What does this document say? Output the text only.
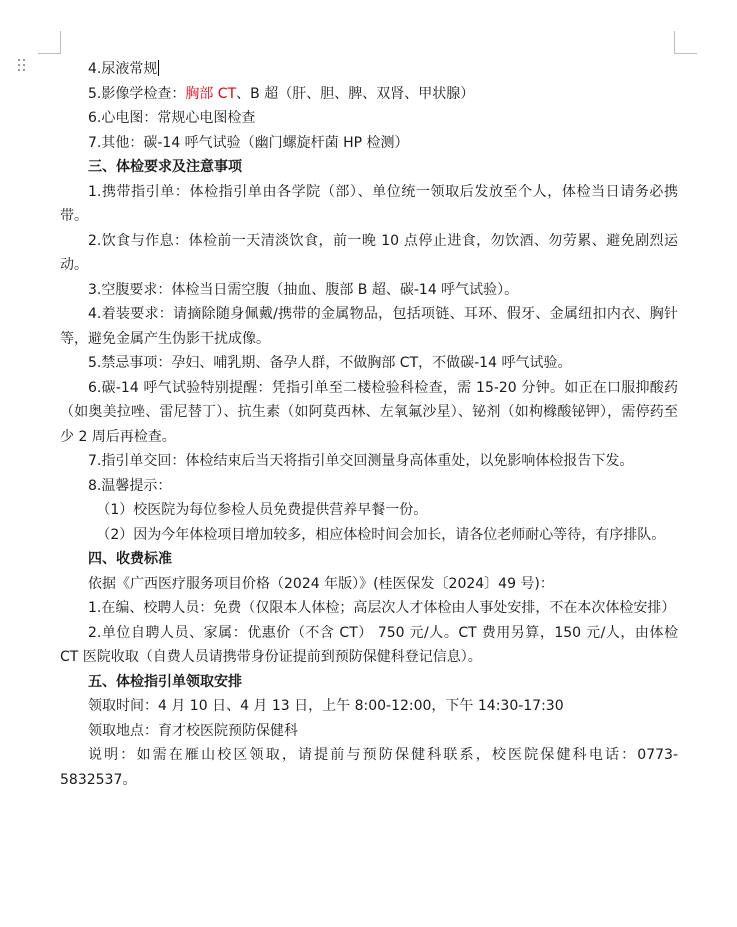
4.尿液常规

5.影像学检查：胸部 CT、B 超（肝、胆、脾、双肾、甲状腺）

6.心电图：常规心电图检查

7.其他：碳-14 呼气试验（幽门螺旋杆菌 HP 检测）

三、体检要求及注意事项

1.携带指引单：体检指引单由各学院（部）、单位统一领取后发放至个人，体检当日请务必携带。

2.饮食与作息：体检前一天清淡饮食，前一晚 10 点停止进食，勿饮酒、勿劳累、避免剧烈运动。

3.空腹要求：体检当日需空腹（抽血、腹部 B 超、碳-14 呼气试验）。

4.着装要求：请摘除随身佩戴/携带的金属物品，包括项链、耳环、假牙、金属纽扣内衣、胸针等，避免金属产生伪影干扰成像。

5.禁忌事项：孕妇、哺乳期、备孕人群，不做胸部 CT，不做碳-14 呼气试验。

6.碳-14 呼气试验特别提醒：凭指引单至二楼检验科检查，需 15-20 分钟。如正在口服抑酸药（如奥美拉唑、雷尼替丁）、抗生素（如阿莫西林、左氧氟沙星）、铋剂（如枸橼酸铋钾），需停药至少 2 周后再检查。

7.指引单交回：体检结束后当天将指引单交回测量身高体重处，以免影响体检报告下发。

8.温馨提示：

（1）校医院为每位参检人员免费提供营养早餐一份。

（2）因为今年体检项目增加较多，相应体检时间会加长，请各位老师耐心等待，有序排队。

四、收费标准

依据《广西医疗服务项目价格（2024 年版）》(桂医保发〔2024〕49 号)：

1.在编、校聘人员：免费（仅限本人体检；高层次人才体检由人事处安排，不在本次体检安排）

2.单位自聘人员、家属：优惠价（不含 CT） 750 元/人。CT 费用另算，150 元/人，由体检 CT 医院收取（自费人员请携带身份证提前到预防保健科登记信息）。

五、体检指引单领取安排

领取时间：4 月 10 日、4 月 13 日，上午 8:00-12:00，下午 14:30-17:30

领取地点：育才校医院预防保健科

说明：如需在雁山校区领取，请提前与预防保健科联系，校医院保健科电话：0773-5832537。
